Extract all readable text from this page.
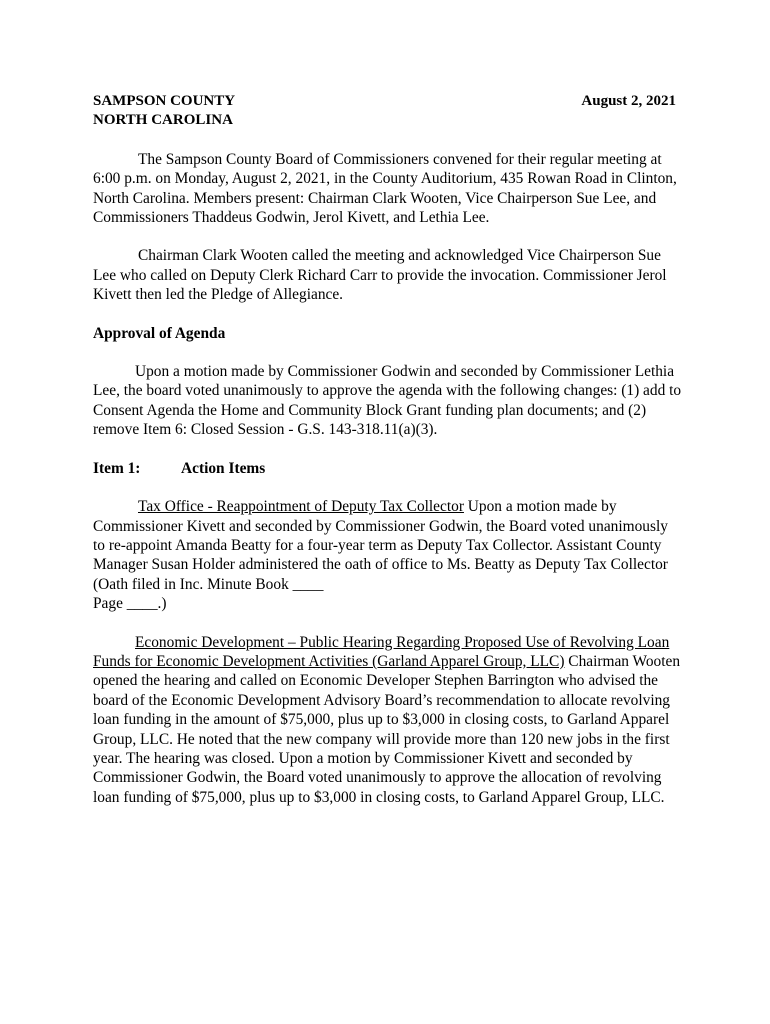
SAMPSON COUNTY
NORTH CAROLINA
August 2, 2021

The Sampson County Board of Commissioners convened for their regular meeting at 6:00 p.m. on Monday, August 2, 2021, in the County Auditorium, 435 Rowan Road in Clinton, North Carolina. Members present: Chairman Clark Wooten, Vice Chairperson Sue Lee, and Commissioners Thaddeus Godwin, Jerol Kivett, and Lethia Lee.

Chairman Clark Wooten called the meeting and acknowledged Vice Chairperson Sue Lee who called on Deputy Clerk Richard Carr to provide the invocation. Commissioner Jerol Kivett then led the Pledge of Allegiance.

Approval of Agenda

Upon a motion made by Commissioner Godwin and seconded by Commissioner Lethia Lee, the board voted unanimously to approve the agenda with the following changes: (1) add to Consent Agenda the Home and Community Block Grant funding plan documents; and (2) remove Item 6: Closed Session - G.S. 143-318.11(a)(3).

Item 1:	Action Items

Tax Office - Reappointment of Deputy Tax Collector Upon a motion made by Commissioner Kivett and seconded by Commissioner Godwin, the Board voted unanimously to re-appoint Amanda Beatty for a four-year term as Deputy Tax Collector. Assistant County Manager Susan Holder administered the oath of office to Ms. Beatty as Deputy Tax Collector (Oath filed in Inc. Minute Book ____
Page ____.)

Economic Development – Public Hearing Regarding Proposed Use of Revolving Loan Funds for Economic Development Activities (Garland Apparel Group, LLC) Chairman Wooten opened the hearing and called on Economic Developer Stephen Barrington who advised the board of the Economic Development Advisory Board’s recommendation to allocate revolving loan funding in the amount of $75,000, plus up to $3,000 in closing costs, to Garland Apparel Group, LLC. He noted that the new company will provide more than 120 new jobs in the first year. The hearing was closed. Upon a motion by Commissioner Kivett and seconded by Commissioner Godwin, the Board voted unanimously to approve the allocation of revolving loan funding of $75,000, plus up to $3,000 in closing costs, to Garland Apparel Group, LLC.
